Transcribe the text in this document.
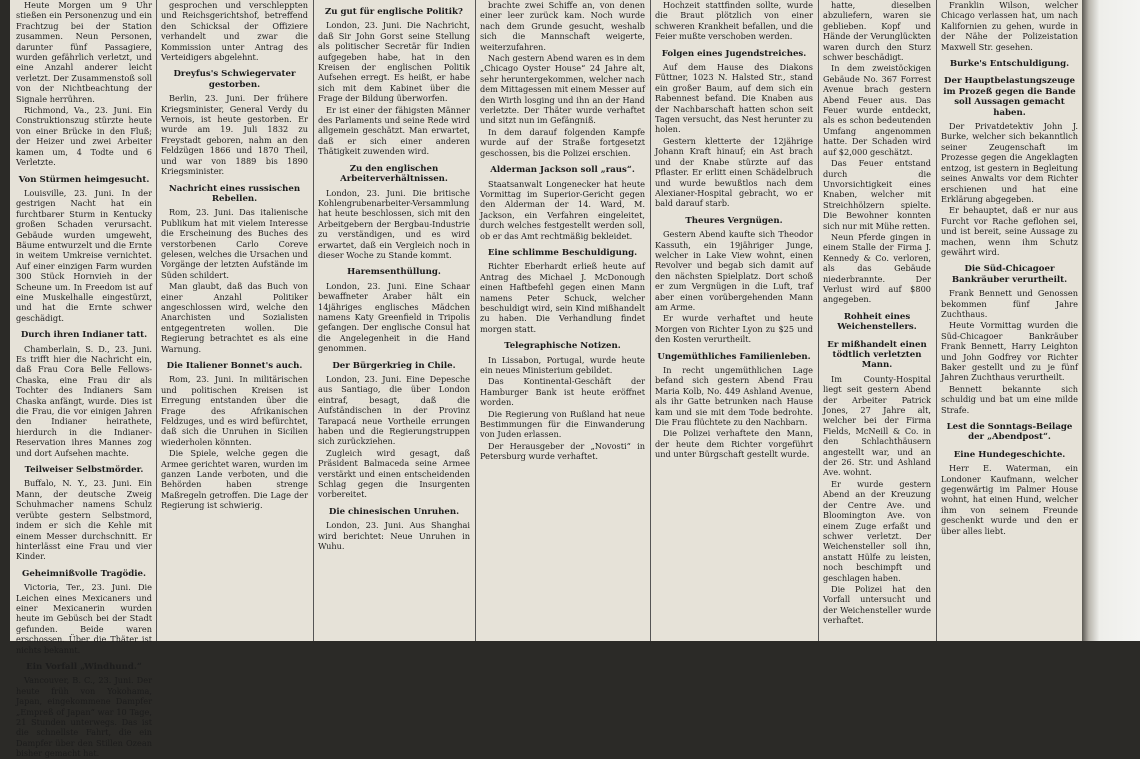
Heute Morgen um 9 Uhr stießen ein Personenzug und ein Frachtzug bei der Station zusammen. Neun Personen, darunter fünf Passagiere, wurden gefährlich verletzt, und eine Anzahl anderer leicht verletzt. Der Zusammenstoß soll von der Nichtbeachtung der Signale herrühren.

Richmond, Va., 23. Juni. Ein Construktionszug stürzte heute von einer Brücke in den Fluß; der Heizer und zwei Arbeiter kamen um, 4 Todte und 6 Verletzte.

Von Stürmen heimgesucht.

Louisville, 23. Juni. In der gestrigen Nacht hat ein furchtbarer Sturm in Kentucky großen Schaden verursacht. Gebäude wurden umgeweht, Bäume entwurzelt und die Ernte in weitem Umkreise vernichtet. Auf einer einzigen Farm wurden 300 Stück Hornvieh in der Scheune um. In Freedom ist auf eine Muskelhalle eingestürzt, und hat die Ernte schwer geschädigt.

Durch ihren Indianer tatt.

Chamberlain, S. D., 23. Juni. Es trifft hier die Nachricht ein, daß Frau Cora Belle Fellows-Chaska, eine Frau dir als Tochter des Indianers Sam Chaska anfängt, wurde. Dies ist die Frau, die vor einigen Jahren den Indianer heirathete, hierdurch in die Indianer-Reservation ihres Mannes zog und dort Aufsehen machte.

Teilweiser Selbstmörder.

Buffalo, N. Y., 23. Juni. Ein Mann, der deutsche Zweig Schuhmacher namens Schulz verübte gestern Selbstmord, indem er sich die Kehle mit einem Messer durchschnitt. Er hinterlässt eine Frau und vier Kinder.

Geheimnißvolle Tragödie.

Victoria, Ter., 23. Juni. Die Leichen eines Mexicaners und einer Mexicanerin wurden heute im Gebüsch bei der Stadt gefunden. Beide waren erschossen. Über die Thäter ist nichts bekannt.

Ein Vorfall „Windhund.“

Vancouver, B. C., 23. Juni. Der heute früh von Yokohama, Japan, eingekommene Dampfer „Empreß of Japan“ war 10 Tage, 21 Stunden unterwegs. Das ist die schnellste Fahrt, die ein Dampfer über den Stillen Ozean bisher gemacht hat.

gesprochen und verschleppten und Reichsgerichtshof, betreffend den Schicksal der Offiziere verhandelt und zwar die Kommission unter Antrag des Verteidigers abgelehnt.

Dreyfus's Schwiegervater gestorben.

Berlin, 23. Juni. Der frühere Kriegsminister, General Verdy du Vernois, ist heute gestorben. Er wurde am 19. Juli 1832 zu Freystadt geboren, nahm an den Feldzügen 1866 und 1870 Theil, und war von 1889 bis 1890 Kriegsminister.

Nachricht eines russischen Rebellen.

Rom, 23. Juni. Das italienische Publikum hat mit vielem Interesse die Erscheinung des Buches des verstorbenen Carlo Coreve gelesen, welches die Ursachen und Vorgänge der letzten Aufstände im Süden schildert.

Man glaubt, daß das Buch von einer Anzahl Politiker angeschlossen wird, welche den Anarchisten und Sozialisten entgegentreten wollen. Die Regierung betrachtet es als eine Warnung.

Die Italiener Bonnet's auch.

Rom, 23. Juni. In militärischen und politischen Kreisen ist Erregung entstanden über die Frage des Afrikanischen Feldzuges, und es wird befürchtet, daß sich die Unruhen in Sicilien wiederholen könnten.

Die Spiele, welche gegen die Armee gerichtet waren, wurden im ganzen Lande verboten, und die Behörden haben strenge Maßregeln getroffen. Die Lage der Regierung ist schwierig.

Zu gut für englische Politik?

London, 23. Juni. Die Nachricht, daß Sir John Gorst seine Stellung als politischer Secretär für Indien aufgegeben habe, hat in den Kreisen der englischen Politik Aufsehen erregt. Es heißt, er habe sich mit dem Kabinet über die Frage der Bildung überworfen.

Er ist einer der fähigsten Männer des Parlaments und seine Rede wird allgemein geschätzt. Man erwartet, daß er sich einer anderen Thätigkeit zuwenden wird.

Zu den englischen Arbeiterverhältnissen.

London, 23. Juni. Die britische Kohlengrubenarbeiter-Versammlung hat heute beschlossen, sich mit den Arbeitgebern der Bergbau-Industrie zu verständigen, und es wird erwartet, daß ein Vergleich noch in dieser Woche zu Stande kommt.

Haremsenthüllung.

London, 23. Juni. Eine Schaar bewaffneter Araber hält ein 14jähriges englisches Mädchen namens Katy Greenfield in Tripolis gefangen. Der englische Consul hat die Angelegenheit in die Hand genommen.

Der Bürgerkrieg in Chile.

London, 23. Juni. Eine Depesche aus Santiago, die über London eintraf, besagt, daß die Aufständischen in der Provinz Tarapacá neue Vortheile errungen haben und die Regierungstruppen sich zurückziehen.

Zugleich wird gesagt, daß Präsident Balmaceda seine Armee verstärkt und einen entscheidenden Schlag gegen die Insurgenten vorbereitet.

Die chinesischen Unruhen.

London, 23. Juni. Aus Shanghai wird berichtet: Neue Unruhen in Wuhu.

brachte zwei Schiffe an, von denen einer leer zurück kam. Noch wurde nach dem Grunde gesucht, weshalb sich die Mannschaft weigerte, weiterzufahren.

Nach gestern Abend waren es in dem „Chicago Oyster House“ 24 Jahre alt, sehr heruntergekommen, welcher nach dem Mittagessen mit einem Messer auf den Wirth losging und ihn an der Hand verletzte. Der Thäter wurde verhaftet und sitzt nun im Gefängniß.

In dem darauf folgenden Kampfe wurde auf der Straße fortgesetzt geschossen, bis die Polizei erschien.

Alderman Jackson soll „raus“.

Staatsanwalt Longenecker hat heute Vormittag im Superior-Gericht gegen den Alderman der 14. Ward, M. Jackson, ein Verfahren eingeleitet, durch welches festgestellt werden soll, ob er das Amt rechtmäßig bekleidet.

Eine schlimme Beschuldigung.

Richter Eberhardt erließ heute auf Antrag des Michael J. McDonough einen Haftbefehl gegen einen Mann namens Peter Schuck, welcher beschuldigt wird, sein Kind mißhandelt zu haben. Die Verhandlung findet morgen statt.

Telegraphische Notizen.

In Lissabon, Portugal, wurde heute ein neues Ministerium gebildet.

Das Kontinental-Geschäft der Hamburger Bank ist heute eröffnet worden.

Die Regierung von Rußland hat neue Bestimmungen für die Einwanderung von Juden erlassen.

Der Herausgeber der „Novosti“ in Petersburg wurde verhaftet.

Hochzeit stattfinden sollte, wurde die Braut plötzlich von einer schweren Krankheit befallen, und die Feier mußte verschoben werden.

Folgen eines Jugendstreiches.

Auf dem Hause des Diakons Füttner, 1023 N. Halsted Str., stand ein großer Baum, auf dem sich ein Rabennest befand. Die Knaben aus der Nachbarschaft hatten schon seit Tagen versucht, das Nest herunter zu holen.

Gestern kletterte der 12jährige Johann Kraft hinauf; ein Ast brach und der Knabe stürzte auf das Pflaster. Er erlitt einen Schädelbruch und wurde bewußtlos nach dem Alexianer-Hospital gebracht, wo er bald darauf starb.

Theures Vergnügen.

Gestern Abend kaufte sich Theodor Kassuth, ein 19jähriger Junge, welcher in Lake View wohnt, einen Revolver und begab sich damit auf den nächsten Spielplatz. Dort schoß er zum Vergnügen in die Luft, traf aber einen vorübergehenden Mann am Arme.

Er wurde verhaftet und heute Morgen von Richter Lyon zu $25 und den Kosten verurtheilt.

Ungemüthliches Familienleben.

In recht ungemüthlichen Lage befand sich gestern Abend Frau Maria Kolb, No. 449 Ashland Avenue, als ihr Gatte betrunken nach Hause kam und sie mit dem Tode bedrohte. Die Frau flüchtete zu den Nachbarn.

Die Polizei verhaftete den Mann, der heute dem Richter vorgeführt und unter Bürgschaft gestellt wurde.

hatte, dieselben abzuliefern, waren sie geblieben. Kopf und Hände der Verunglückten waren durch den Sturz schwer beschädigt.

In dem zweistöckigen Gebäude No. 367 Forrest Avenue brach gestern Abend Feuer aus. Das Feuer wurde entdeckt, als es schon bedeutenden Umfang angenommen hatte. Der Schaden wird auf $2,000 geschätzt.

Das Feuer entstand durch die Unvorsichtigkeit eines Knaben, welcher mit Streichhölzern spielte. Die Bewohner konnten sich nur mit Mühe retten.

Neun Pferde gingen in einem Stalle der Firma J. Kennedy & Co. verloren, als das Gebäude niederbrannte. Der Verlust wird auf $800 angegeben.

Rohheit eines Weichenstellers.
Er mißhandelt einen tödtlich verletzten Mann.

Im County-Hospital liegt seit gestern Abend der Arbeiter Patrick Jones, 27 Jahre alt, welcher bei der Firma Fields, McNeill & Co. in den Schlachthäusern angestellt war, und an der 26. Str. und Ashland Ave. wohnt.

Er wurde gestern Abend an der Kreuzung der Centre Ave. und Bloomington Ave. von einem Zuge erfaßt und schwer verletzt. Der Weichensteller soll ihn, anstatt Hülfe zu leisten, noch beschimpft und geschlagen haben.

Die Polizei hat den Vorfall untersucht und der Weichensteller wurde verhaftet.

Franklin Wilson, welcher Chicago verlassen hat, um nach Kalifornien zu gehen, wurde in der Nähe der Polizeistation Maxwell Str. gesehen.

Burke's Entschuldigung.
Der Hauptbelastungszeuge im Prozeß gegen die Bande soll Aussagen gemacht haben.

Der Privatdetektiv John J. Burke, welcher sich bekanntlich seiner Zeugenschaft im Prozesse gegen die Angeklagten entzog, ist gestern in Begleitung seines Anwalts vor dem Richter erschienen und hat eine Erklärung abgegeben.

Er behauptet, daß er nur aus Furcht vor Rache geflohen sei, und ist bereit, seine Aussage zu machen, wenn ihm Schutz gewährt wird.

Die Süd-Chicagoer Bankräuber verurtheilt.

Frank Bennett und Genossen bekommen fünf Jahre Zuchthaus.

Heute Vormittag wurden die Süd-Chicagoer Bankräuber Frank Bennett, Harry Leighton und John Godfrey vor Richter Baker gestellt und zu je fünf Jahren Zuchthaus verurtheilt.

Bennett bekannte sich schuldig und bat um eine milde Strafe.

Lest die Sonntags-Beilage der „Abendpost“.
Eine Hundegeschichte.

Herr E. Waterman, ein Londoner Kaufmann, welcher gegenwärtig im Palmer House wohnt, hat einen Hund, welcher ihm von seinem Freunde geschenkt wurde und den er über alles liebt.
